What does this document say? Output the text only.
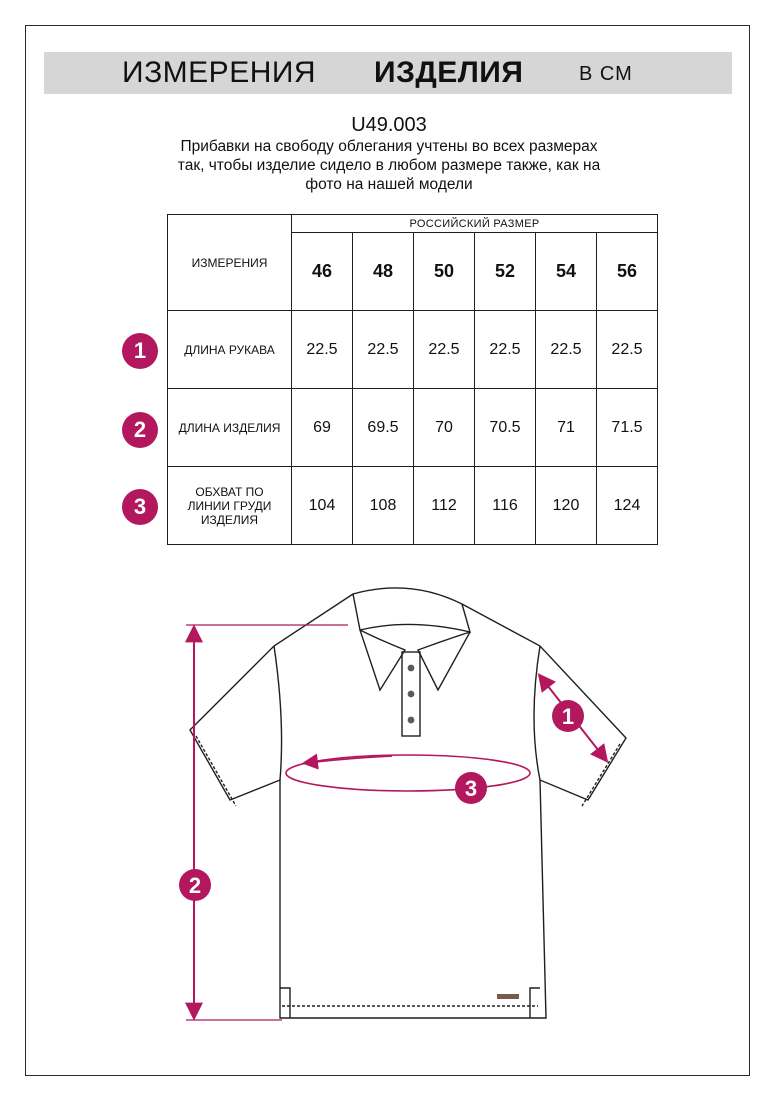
ИЗМЕРЕНИЯ ИЗДЕЛИЯ	В СМ
U49.003
Прибавки на свободу облегания учтены во всех размерах
так, чтобы изделие сидело в любом размере также, как на
фото на нашей модели
ИЗМЕРЕНИЯ	РОССИЙСКИЙ РАЗМЕР					
	46	48	50	52	54	56
ДЛИНА РУКАВА	22.5	22.5	22.5	22.5	22.5	22.5
ДЛИНА ИЗДЕЛИЯ	69	69.5	70	70.5	71	71.5

ОБХВАТ ПО
ЛИНИИ ГРУДИ
ИЗДЕЛИЯ	104	108	112	116	120	124
1
2
3
1
2
3
